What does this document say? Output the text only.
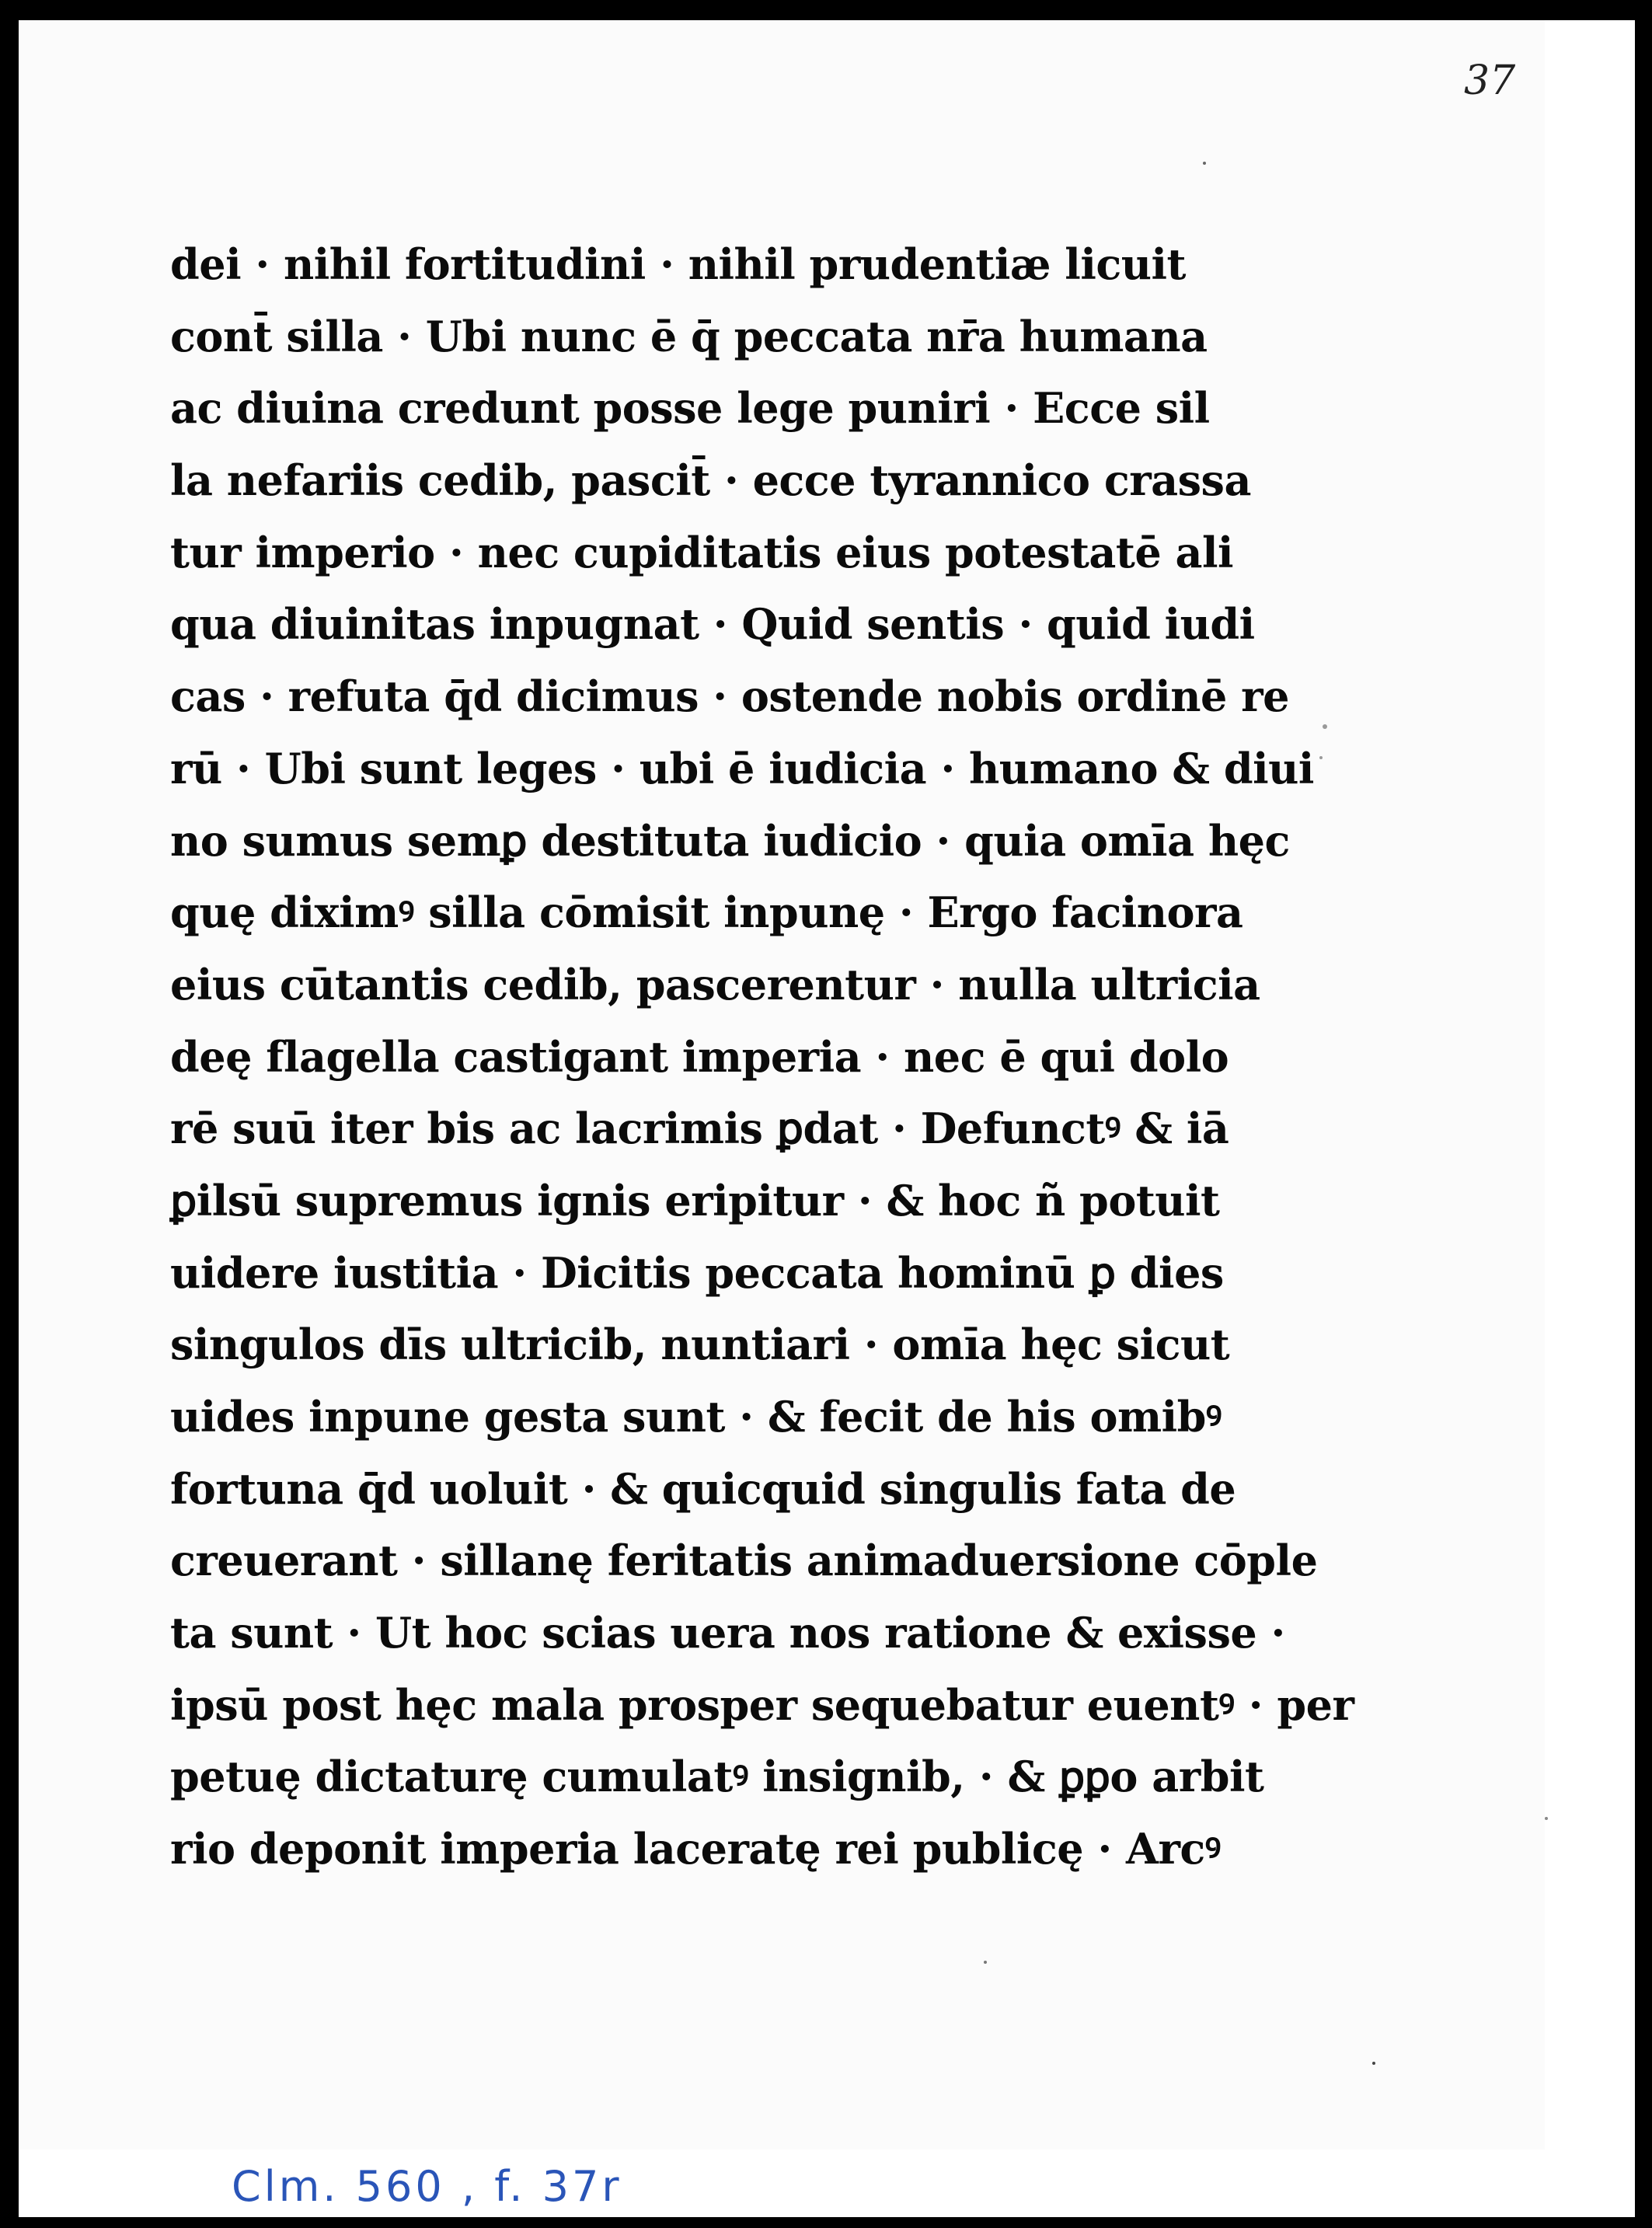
37
dei · nihil fortitudini · nihil prudentiæ licuit
cont̄ silla · Ubi nunc ē q̄ peccata nr̄a humana
ac diuina credunt posse lege puniri · Ecce sil
la nefariis cedib, pascit̄ · ecce tyrannico crassa
tur imperio · nec cupiditatis eius potestatē ali
qua diuinitas inpugnat · Quid sentis · quid iudi
cas · refuta q̄d dicimus · ostende nobis ordinē re
rū · Ubi sunt leges · ubi ē iudicia · humano & diui
no sumus semꝑ destituta iudicio · quia omīa hęc
quę diximꝰ silla cōmisit inpunę · Ergo facinora
eius cūtantis cedib, pascerentur · nulla ultricia
deę flagella castigant imperia · nec ē qui dolo
rē suū iter bis ac lacrimis ꝑdat · Defunctꝰ & iā
ꝑilsū supremus ignis eripitur · & hoc ñ potuit
uidere iustitia · Dicitis peccata hominū ꝑ dies
singulos dīs ultricib, nuntiari · omīa hęc sicut
uides inpune gesta sunt · & fecit de his omibꝰ
fortuna q̄d uoluit · & quicquid singulis fata de
creuerant · sillanę feritatis animaduersione cōple
ta sunt · Ut hoc scias uera nos ratione & exisse ·
ipsū post hęc mala prosper sequebatur euentꝰ · per
petuę dictaturę cumulatꝰ insignib, · & ꝑꝑo arbit
rio deponit imperia laceratę rei publicę · Arcꝰ
Clm. 560 , f. 37r
